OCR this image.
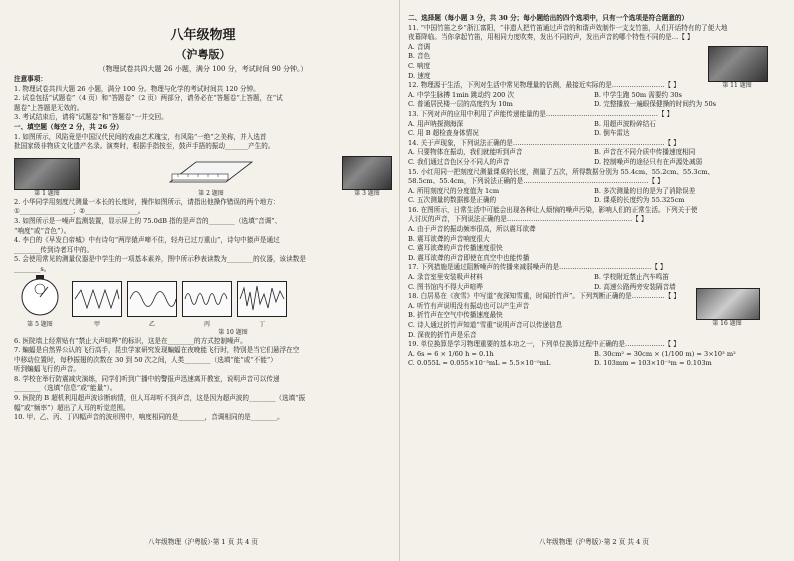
八年级物理
（沪粤版）
（物理试卷共四大题 26 小题，满分 100 分，考试时间 90 分钟。）
注意事项：
1. 物理试卷共四大题 26 小题，满分 100 分。物理与化学的考试时间共 120 分钟。
2. 试卷包括“试题卷”（4 页）和“答题卷”（2 页）两部分，请务必在“答题卷”上答题，在“试
题卷”上答题是无效的。
3. 考试结束后，请将“试题卷”和“答题卷”一并交回。
一、填空题（每空 2 分，共 26 分）
1. 如图所示，风陷竟是中国汉代民间的戏曲艺术瑰宝，有风陷“一绝”之美称，并入选首
批国家级非物质文化遗产名录。演奏时，根据手指按至，鼓声手捂的振动_______产生的。
第 1 题图	第 2 题图	第 3 题图
2. 小华同学用刻度尺测量一本长的长度时，操作如图所示，请指出他操作错误的两个地方：
①________________；②________________。
3. 如图所示是一噪声监测装置，显示屏上的 75.0dB 指的是声音的________（选填“音调”、
“响度”或“音色”）。
4. 李白的《早发白帝城》中有诗句“两岸猿声啼不住，轻舟已过万重山”，诗句中猿声是通过
________传到诗者耳中的。
5. 会使用常见的测量仪器是中学生的一项基本素养，图中所示秒表读数为________的仪器，该读数是
________s。
第 5 题图	甲	乙	丙	丁
第 10 题图
6. 医院墙上经常贴有“禁止大声喧哗”的标识，这是在________的方式控制噪声。
7. 蝙蝠是自然界公认的飞行高手，昆虫学家研究发现蝙蝠在夜晚能飞行时，特别是当它们悬浮在空
中移动位置时，每秒振翅的次数在 30 到 50 次之间，人类________（选填“能”或“不能”）
听到蝙蝠飞行的声音。
8. 学校在举行防震减灾演练，同学们听到广播中的警报声迅速离开教室，说明声音可以传递
________（选填“信息”或“能量”）。
9. 医院的 B 超机利用超声波诊断病情，但人耳却听不到声音，这是因为超声波的________（选填“振
幅”或“频率”）超出了人耳的听觉范围。
10. 甲、乙、丙、丁四幅声音的波形图中，响度相同的是________，音调相同的是________。
八年级物理（沪粤版）·第 1 页 共 4 页
二、选择题（每小题 3 分，共 30 分；每小题给出的四个选项中，只有一个选项是符合题意的）
11. “中国竹笛之乡”浙江富阳，“非遗人把竹笛通过声音的和谐声效制作一支支竹笛，人们开话特有的了便大地
夜幕降临。当你拿起竹笛，用相同力度吹奏，发出不同的声，发出声音的哪个特性不同的是…【 】
A. 音调
B. 音色
C. 响度
D. 速度
第 11 题图
12. 物理源于生活，下列对生活中常见物理量的估测，最接近实际的是……………………【 】
A. 中学生脉搏 1min 跳动约 200 次	B. 中学生跑 50m 需要约 30s
C. 普通居民楼一层的高度约为 10m	D. 完整播放一遍眼保健操的时间约为 50s
13. 下列对声的应用中利用了声能传递能量的是……………………………………………【 】
A. 用声呐探测海深	B. 用超声波粉碎结石
C. 用 B 超检查身体情况	D. 倒车雷达
14. 关于声现象，下列说法正确的是……………………………………………………………【 】
A. 只要物体在振动，我们就能听到声音	B. 声音在不同介质中传播速度相同
C. 我们通过音色区分不同人的声音	D. 控制噪声的途径只有在声源处减弱
15. 小红用同一把刻度尺测量课桌的长度，测量了五次，所得数据分别为 55.4cm、55.2cm、55.3cm、
58.5cm、55.4cm，下列说法正确的是…………………………………………………【 】
A. 所用刻度尺的分度值为 1cm	B. 多次测量的目的是为了消除误差
C. 五次测量的数据都是正确的	D. 课桌的长度约为 55.325cm
16. 在图所示，日常生活中可能会出现各种让人烦恼的噪声污染，影响人们的正常生活。下列关于使
人讨厌的声音，下列说法正确的是…………………………………………………【 】
A. 由于声音的振动频率很高，所以震耳欲聋
B. 震耳欲聋的声音响度很大
C. 震耳欲聋的声音传播速度很快
D. 震耳欲聋的声音即使在真空中也能传播
第 16 题图
17. 下列措施是通过阻断噪声的传播来减弱噪声的是……………………………………【 】
A. 录音室里安装吸声材料	B. 学校附近禁止汽车鸣笛
C. 图书馆内不得大声喧哗	D. 高速公路两旁安装隔音墙
18. 白居易在《夜雪》中写道“夜深知雪重，时闻折竹声”。下列判断正确的是……………【 】
A. 听竹有声说明没有振动也可以产生声音
B. 折竹声在空气中传播速度最快
C. 诗人通过折竹声知道“雪重”说明声音可以传递信息
D. 深夜的折竹声是乐音
19. 单位换算是学习物理重要的基本功之一，下列单位换算过程中正确的是………………【 】
A. 6s = 6 × 1/60 h = 0.1h	B. 30cm² = 30cm × (1/100 m) = 3×10³ m²
C. 0.055L = 0.055×10⁻³mL = 5.5×10⁻⁵mL	D. 103mm = 103×10⁻³m = 0.103m
八年级物理（沪粤版）·第 2 页 共 4 页
